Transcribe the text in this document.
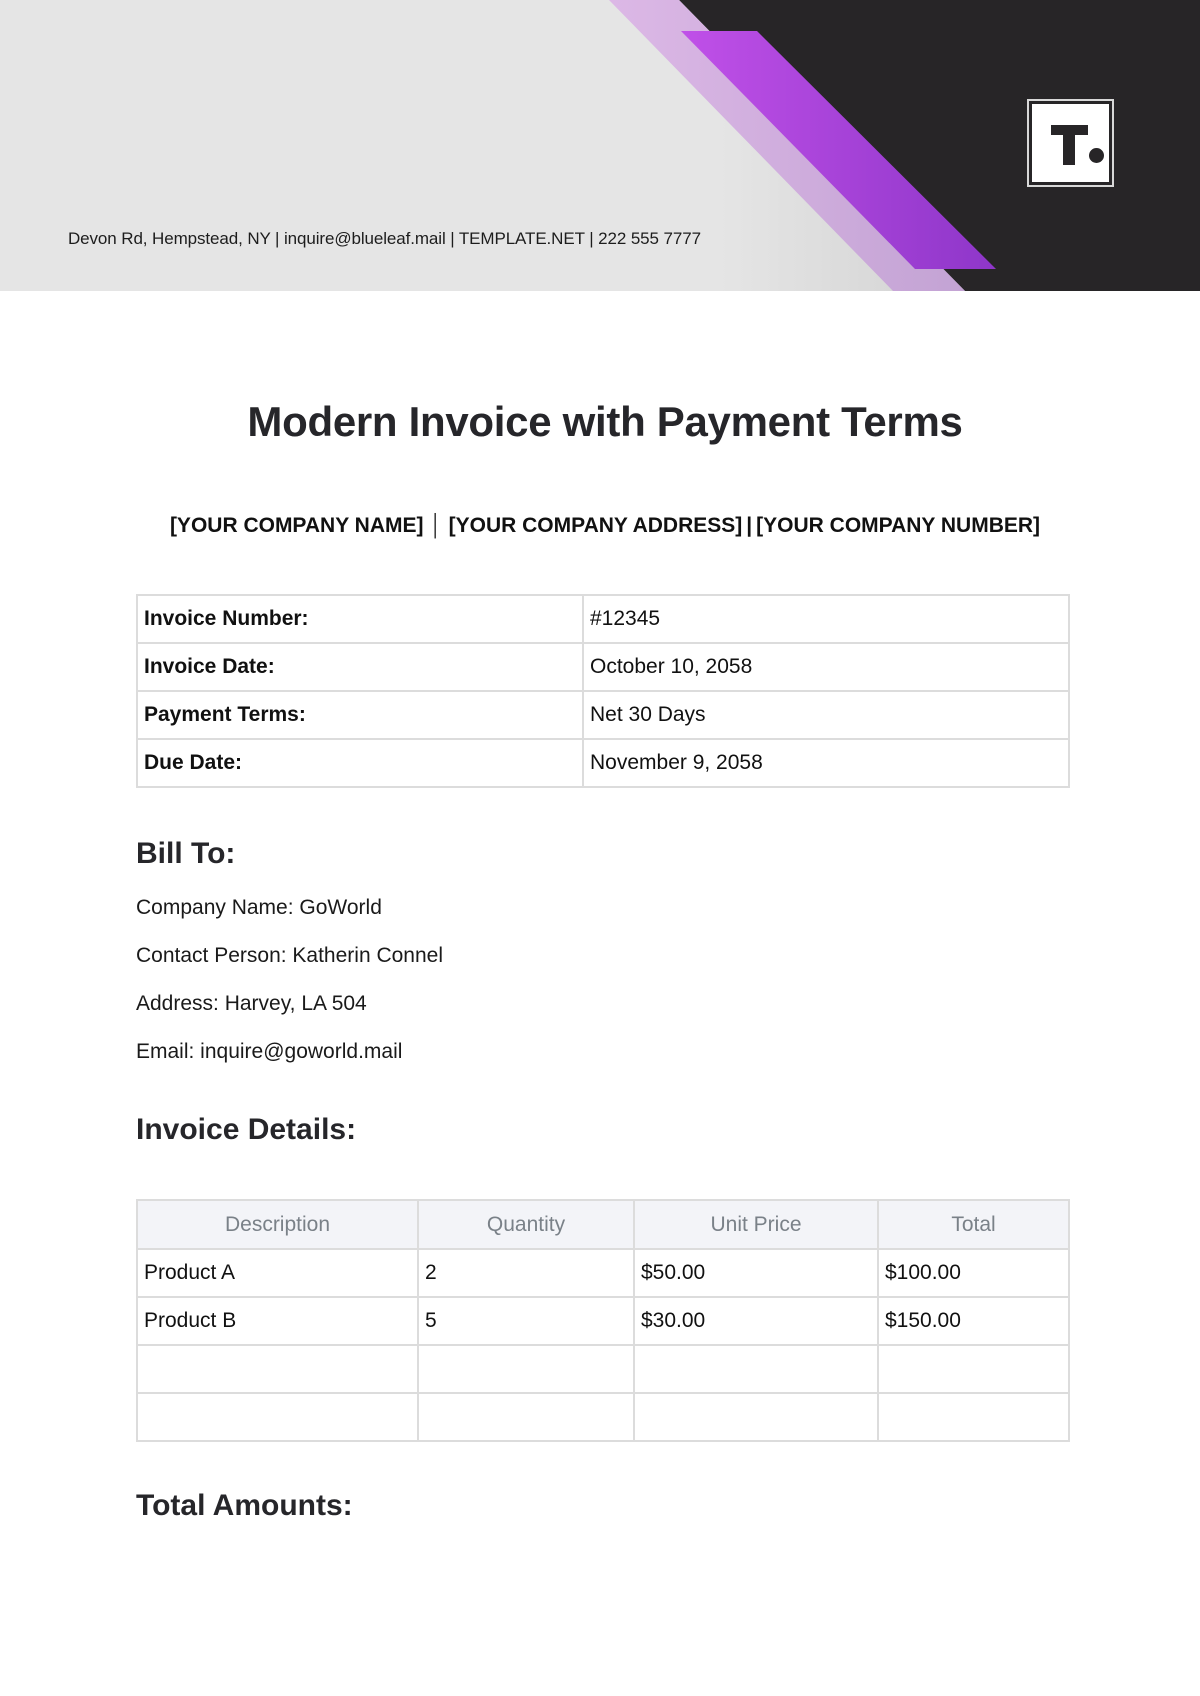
Devon Rd, Hempstead, NY | inquire@blueleaf.mail | TEMPLATE.NET | 222 555 7777
Modern Invoice with Payment Terms
[YOUR COMPANY NAME] │ [YOUR COMPANY ADDRESS] | [YOUR COMPANY NUMBER]
Invoice Number:	#12345
Invoice Date:	October 10, 2058
Payment Terms:	Net 30 Days
Due Date:	November 9, 2058
Bill To:
Company Name: GoWorld
Contact Person: Katherin Connel
Address: Harvey, LA 504
Email: inquire@goworld.mail
Invoice Details:
Description	Quantity	Unit Price	Total
Product A	2	$50.00	$100.00
Product B	5	$30.00	$150.00

Total Amounts:
